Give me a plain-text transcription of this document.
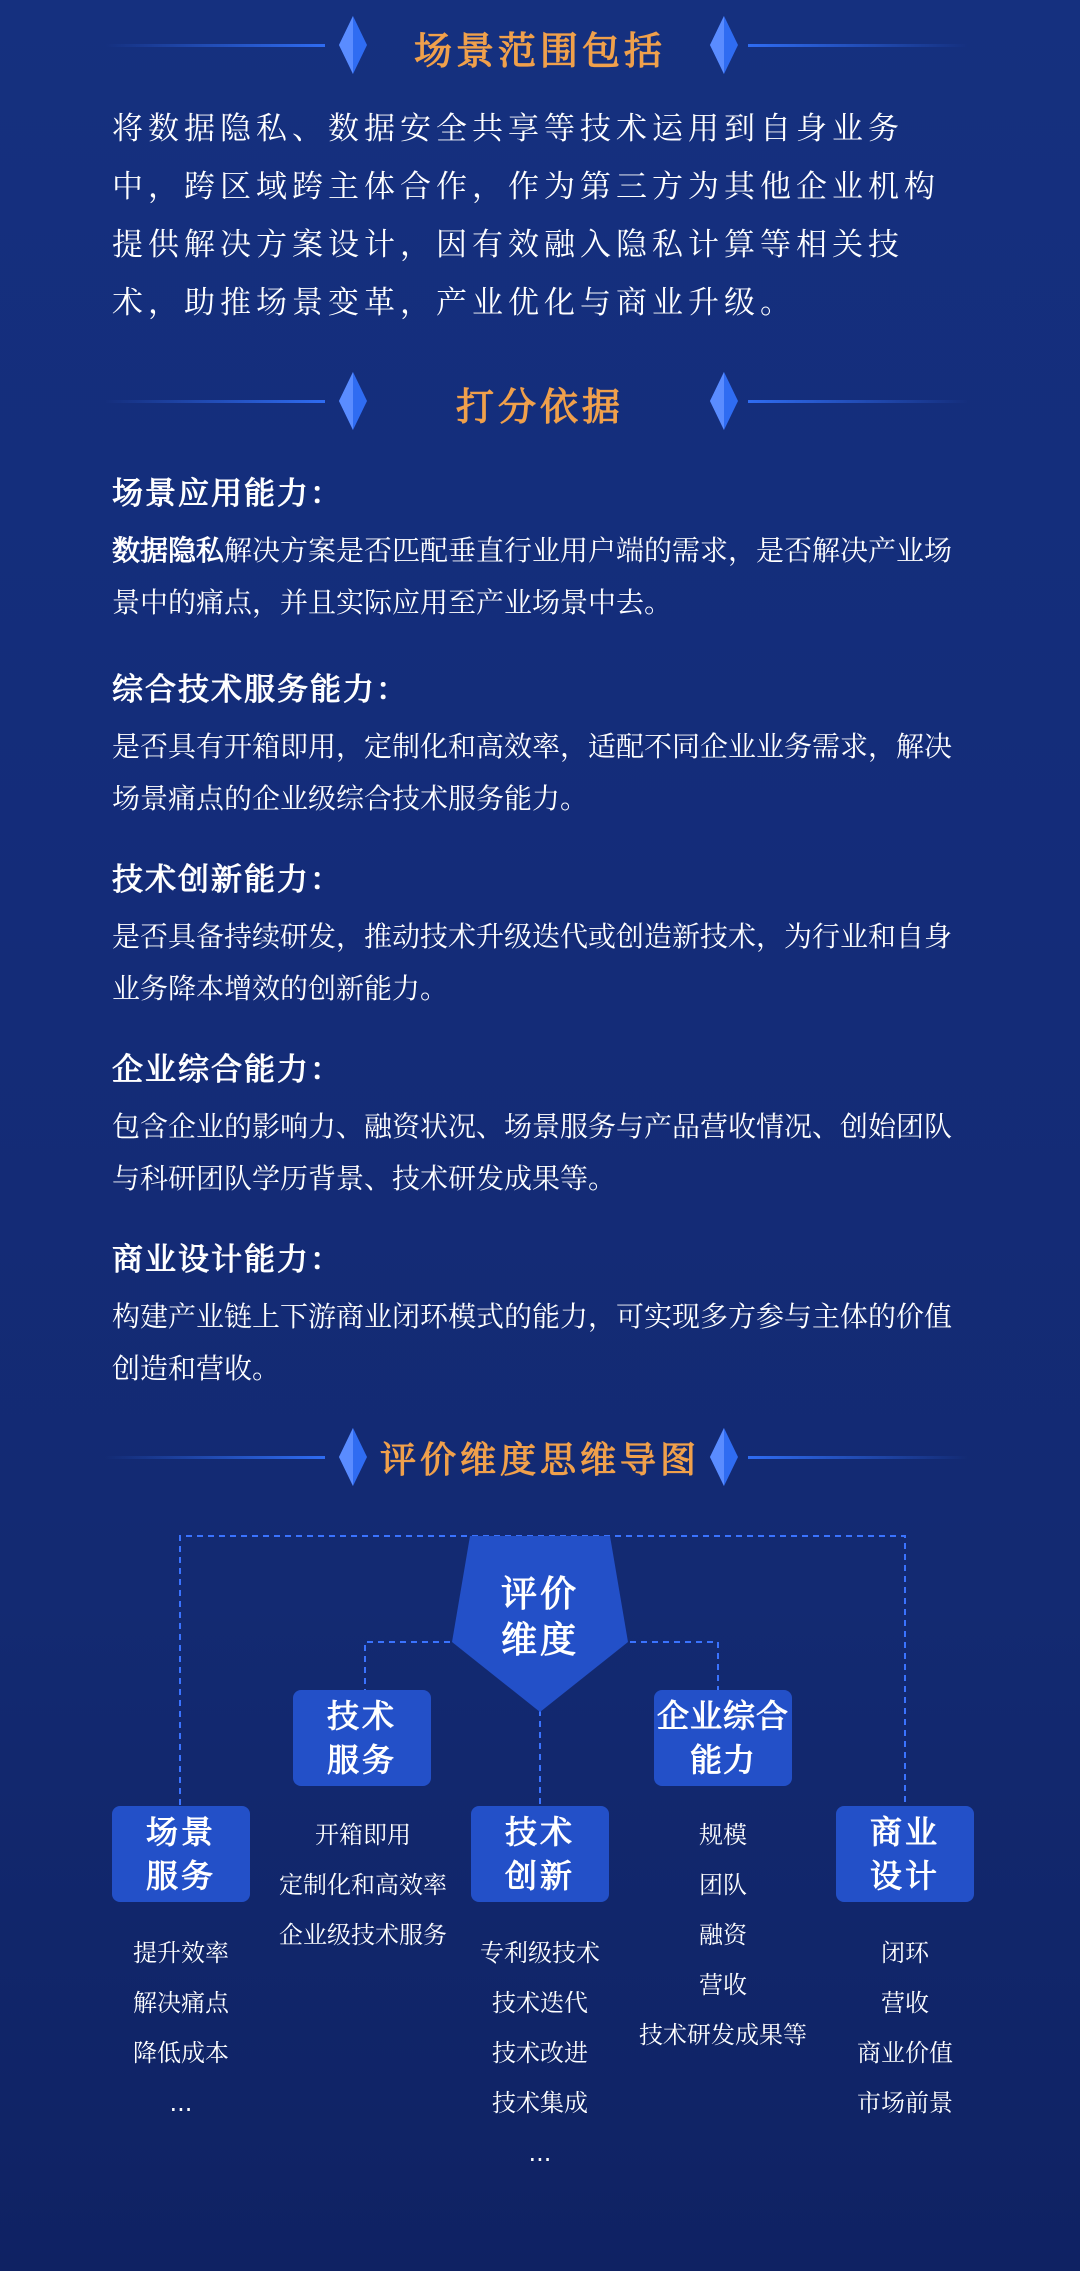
场景范围包括
将数据隐私、数据安全共享等技术运用到自身业务中，跨区域跨主体合作，作为第三方为其他企业机构提供解决方案设计，因有效融入隐私计算等相关技术，助推场景变革，产业优化与商业升级。
打分依据
场景应用能力：
数据隐私解决方案是否匹配垂直行业用户端的需求，是否解决产业场景中的痛点，并且实际应用至产业场景中去。
综合技术服务能力：
是否具有开箱即用，定制化和高效率，适配不同企业业务需求，解决场景痛点的企业级综合技术服务能力。
技术创新能力：
是否具备持续研发，推动技术升级迭代或创造新技术，为行业和自身业务降本增效的创新能力。
企业综合能力：
包含企业的影响力、融资状况、场景服务与产品营收情况、创始团队与科研团队学历背景、技术研发成果等。
商业设计能力：
构建产业链上下游商业闭环模式的能力，可实现多方参与主体的价值创造和营收。
评价维度思维导图
评价
维度
技术
服务
开箱即用
定制化和高效率
企业级技术服务
企业综合
能力
规模
团队
融资
营收
技术研发成果等
场景
服务
提升效率
解决痛点
降低成本
...
技术
创新
专利级技术
技术迭代
技术改进
技术集成
...
商业
设计
闭环
营收
商业价值
市场前景
